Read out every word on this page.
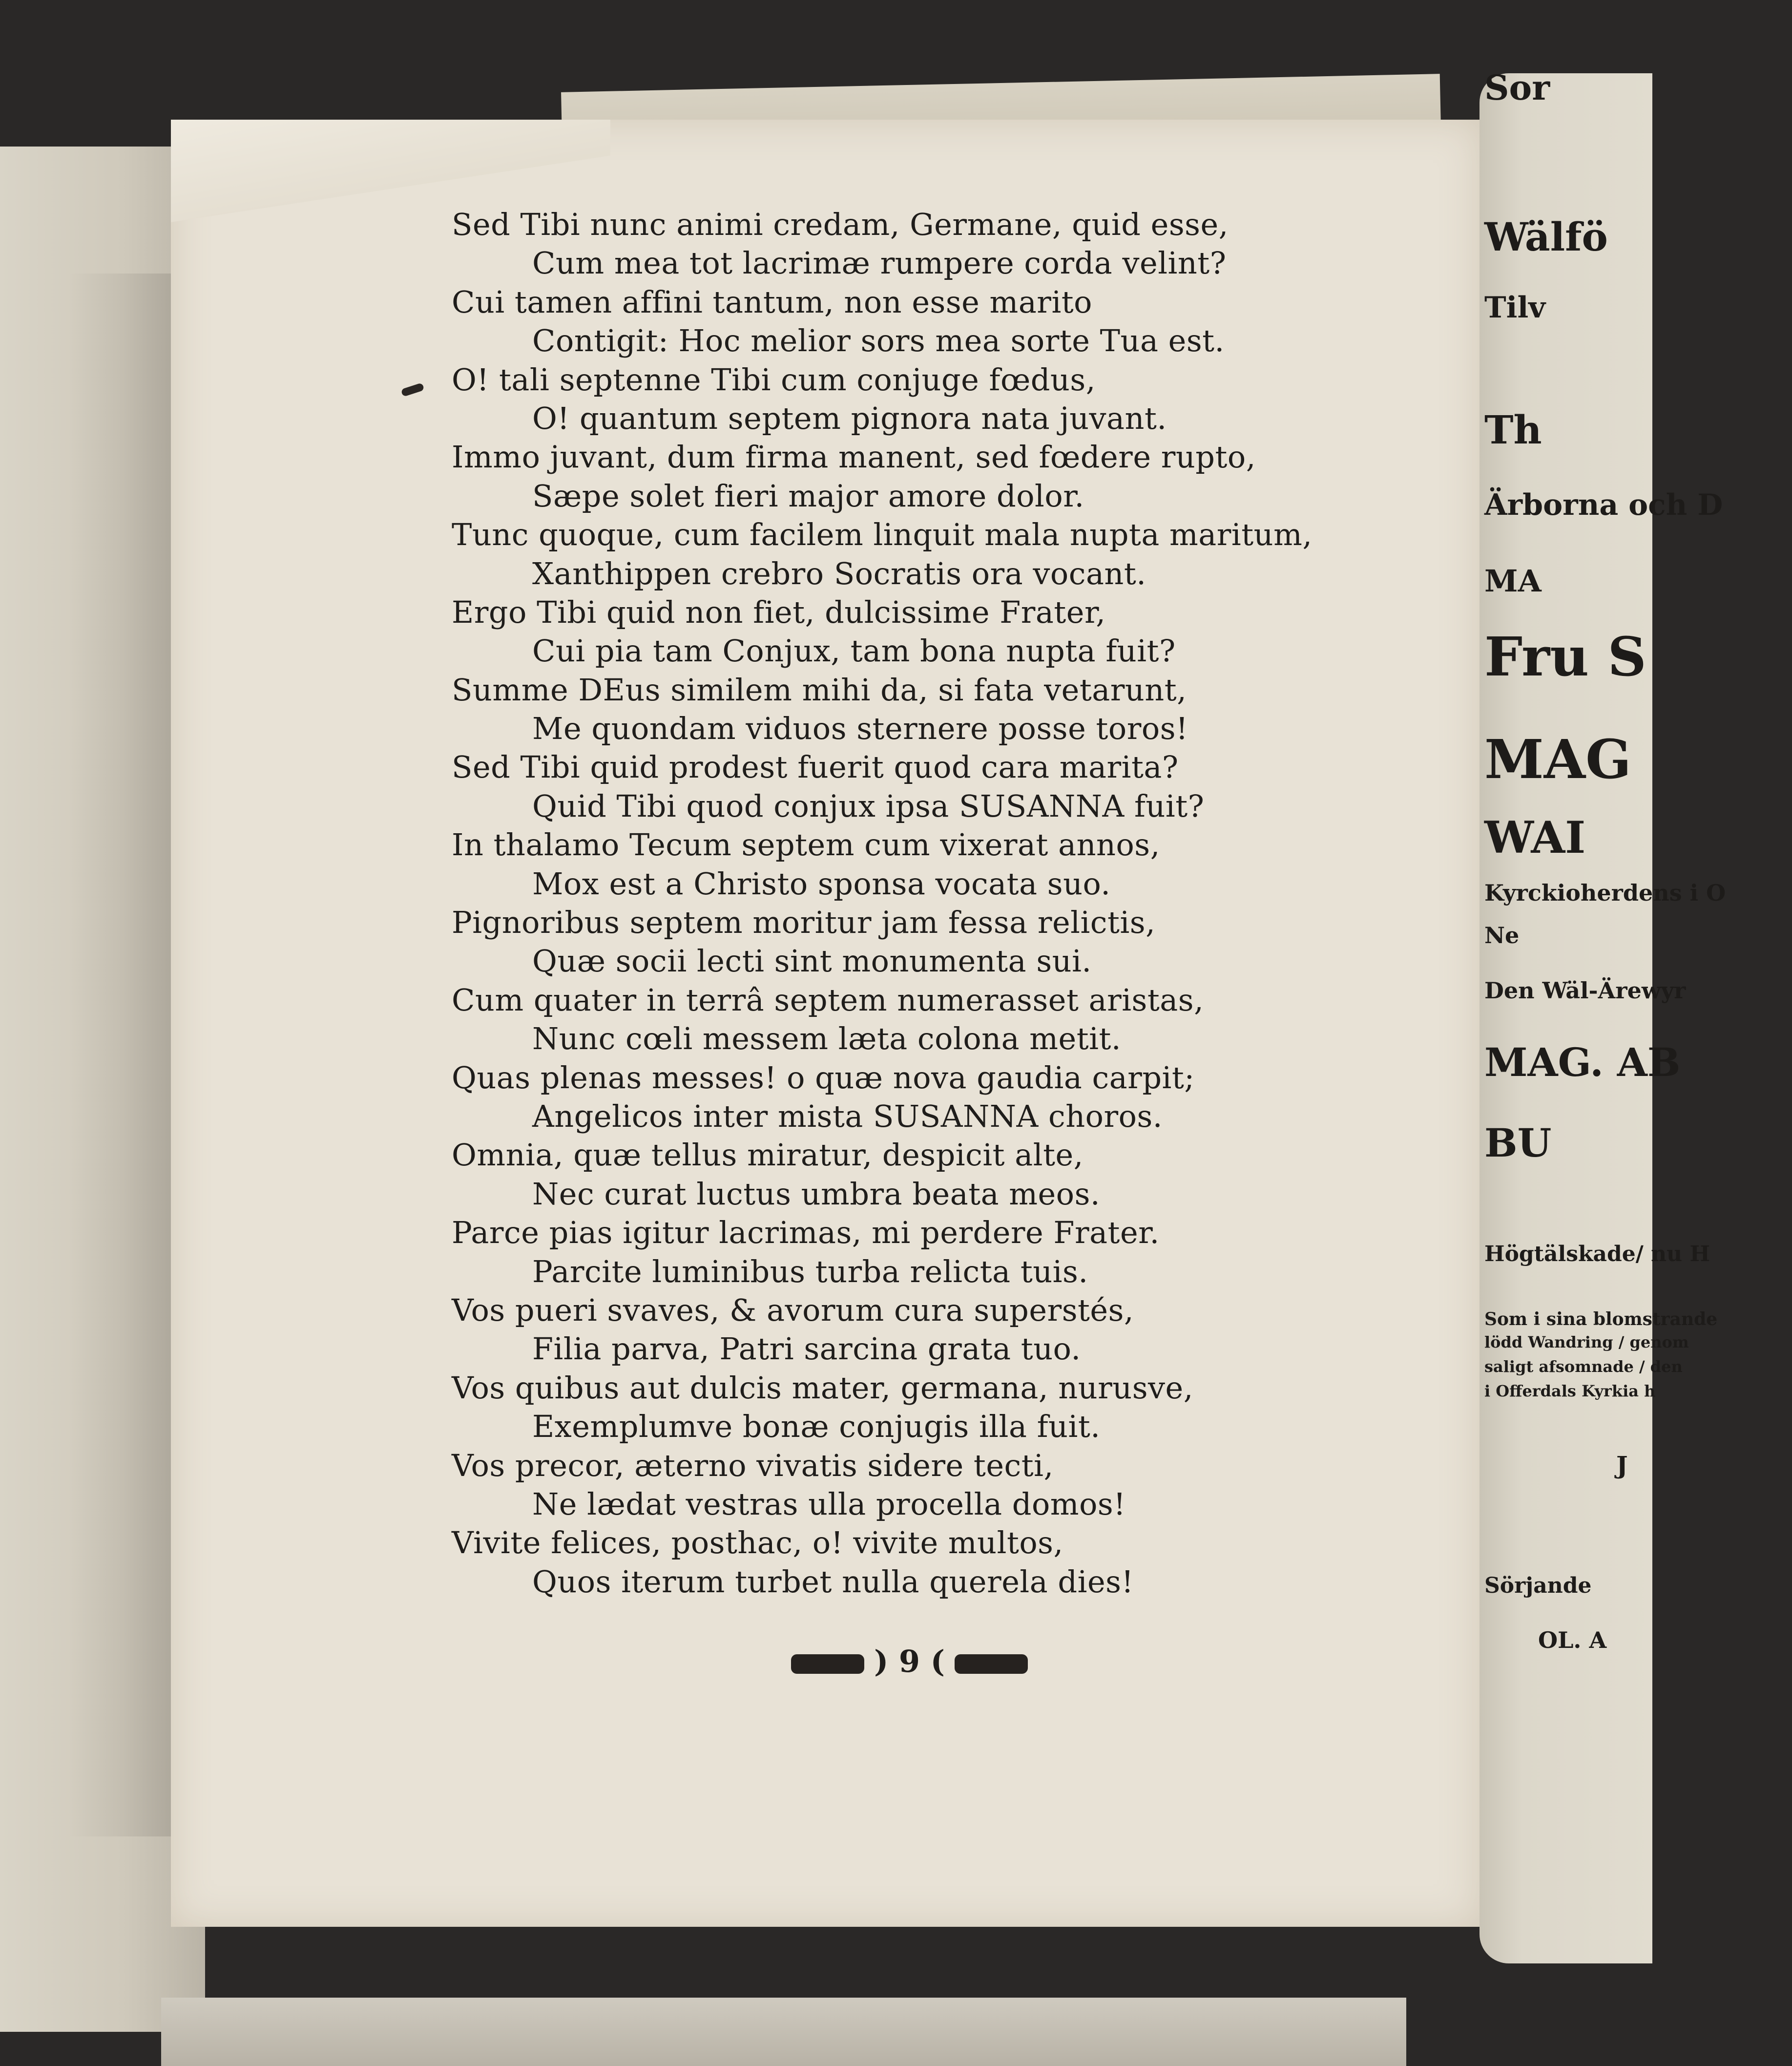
Sed Tibi nunc animi credam, Germane, quid esse,
Cum mea tot lacrimæ rumpere corda velint?
Cui tamen affini tantum, non esse marito
Contigit: Hoc melior sors mea sorte Tua est.
O! tali septenne Tibi cum conjuge fœdus,
O! quantum septem pignora nata juvant.
Immo juvant, dum firma manent, sed fœdere rupto,
Sæpe solet fieri major amore dolor.
Tunc quoque, cum facilem linquit mala nupta maritum,
Xanthippen crebro Socratis ora vocant.
Ergo Tibi quid non fiet, dulcissime Frater,
Cui pia tam Conjux, tam bona nupta fuit?
Summe DEus similem mihi da, si fata vetarunt,
Me quondam viduos sternere posse toros!
Sed Tibi quid prodest fuerit quod cara marita?
Quid Tibi quod conjux ipsa SUSANNA fuit?
In thalamo Tecum septem cum vixerat annos,
Mox est a Christo sponsa vocata suo.
Pignoribus septem moritur jam fessa relictis,
Quæ socii lecti sint monumenta sui.
Cum quater in terrâ septem numerasset aristas,
Nunc cœli messem læta colona metit.
Quas plenas messes! o quæ nova gaudia carpit;
Angelicos inter mista SUSANNA choros.
Omnia, quæ tellus miratur, despicit alte,
Nec curat luctus umbra beata meos.
Parce pias igitur lacrimas, mi perdere Frater.
Parcite luminibus turba relicta tuis.
Vos pueri svaves, & avorum cura superstés,
Filia parva, Patri sarcina grata tuo.
Vos quibus aut dulcis mater, germana, nurusve,
Exemplumve bonæ conjugis illa fuit.
Vos precor, æterno vivatis sidere tecti,
Ne lædat vestras ulla procella domos!
Vivite felices, posthac, o! vivite multos,
Quos iterum turbet nulla querela dies!
) 9 (
Sor
Wälfö
Tilv
Th
Ärborna och D
MA
Fru S
MAG
WAI
Kyrckioherdens i O
Ne
Den Wäl-Ärewyr
MAG. AB
BU
Högtälskade/ nu H
Som i sina blomstrande
lödd Wandring / genom
saligt afsomnade / den
i Offerdals Kyrkia h
J
Sörjande
OL. A
